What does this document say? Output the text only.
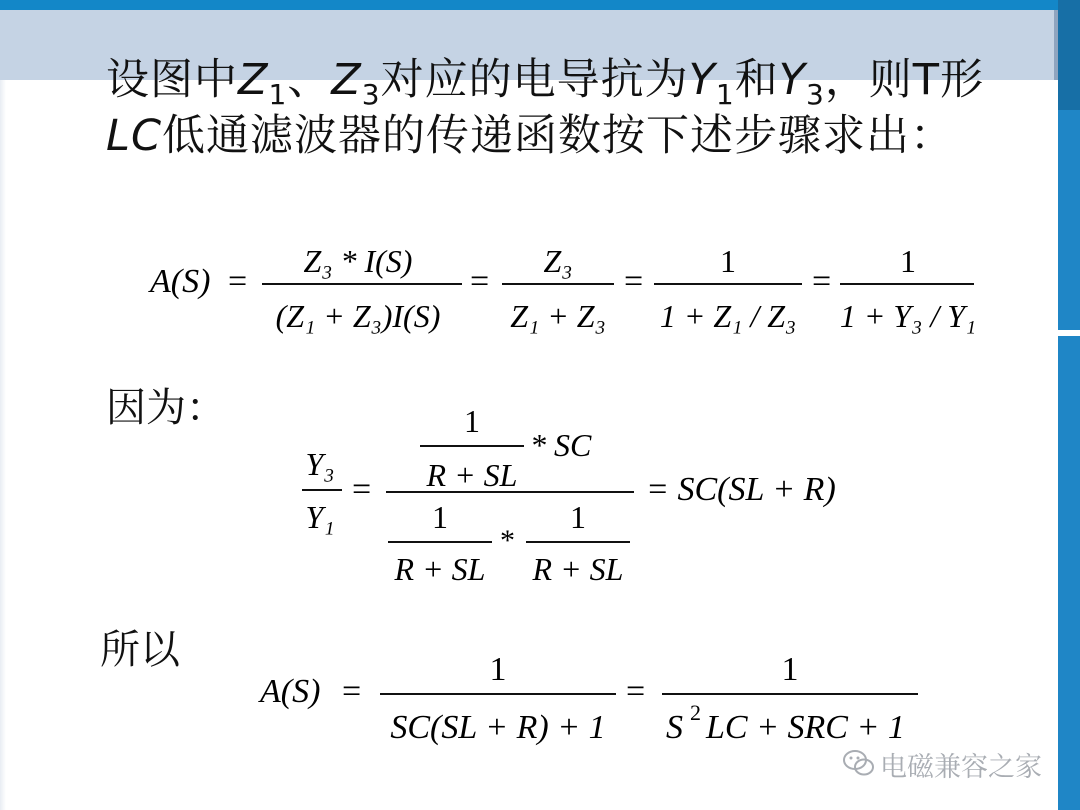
设图中$Z_1$、$Z_3$对应的电导抗为$Y_1$和$Y_3$，则T形LC低通滤波器的传递函数按下述步骤求出：
A(S) =
Z₃ * I(S)
(Z₁ + Z₃)I(S)
=
Z₃
Z₁ + Z₃
=
1
1 + Z₁ / Z₃
=
1
1 + Y₃ / Y₁
因为：
Y₃
Y₁
=
1
R + SL
* SC
1
R + SL
*
1
R + SL
= SC(SL + R)
所以
A(S) =
1
SC(SL + R) + 1
=
1
S 2 LC + SRC + 1
电磁兼容之家
